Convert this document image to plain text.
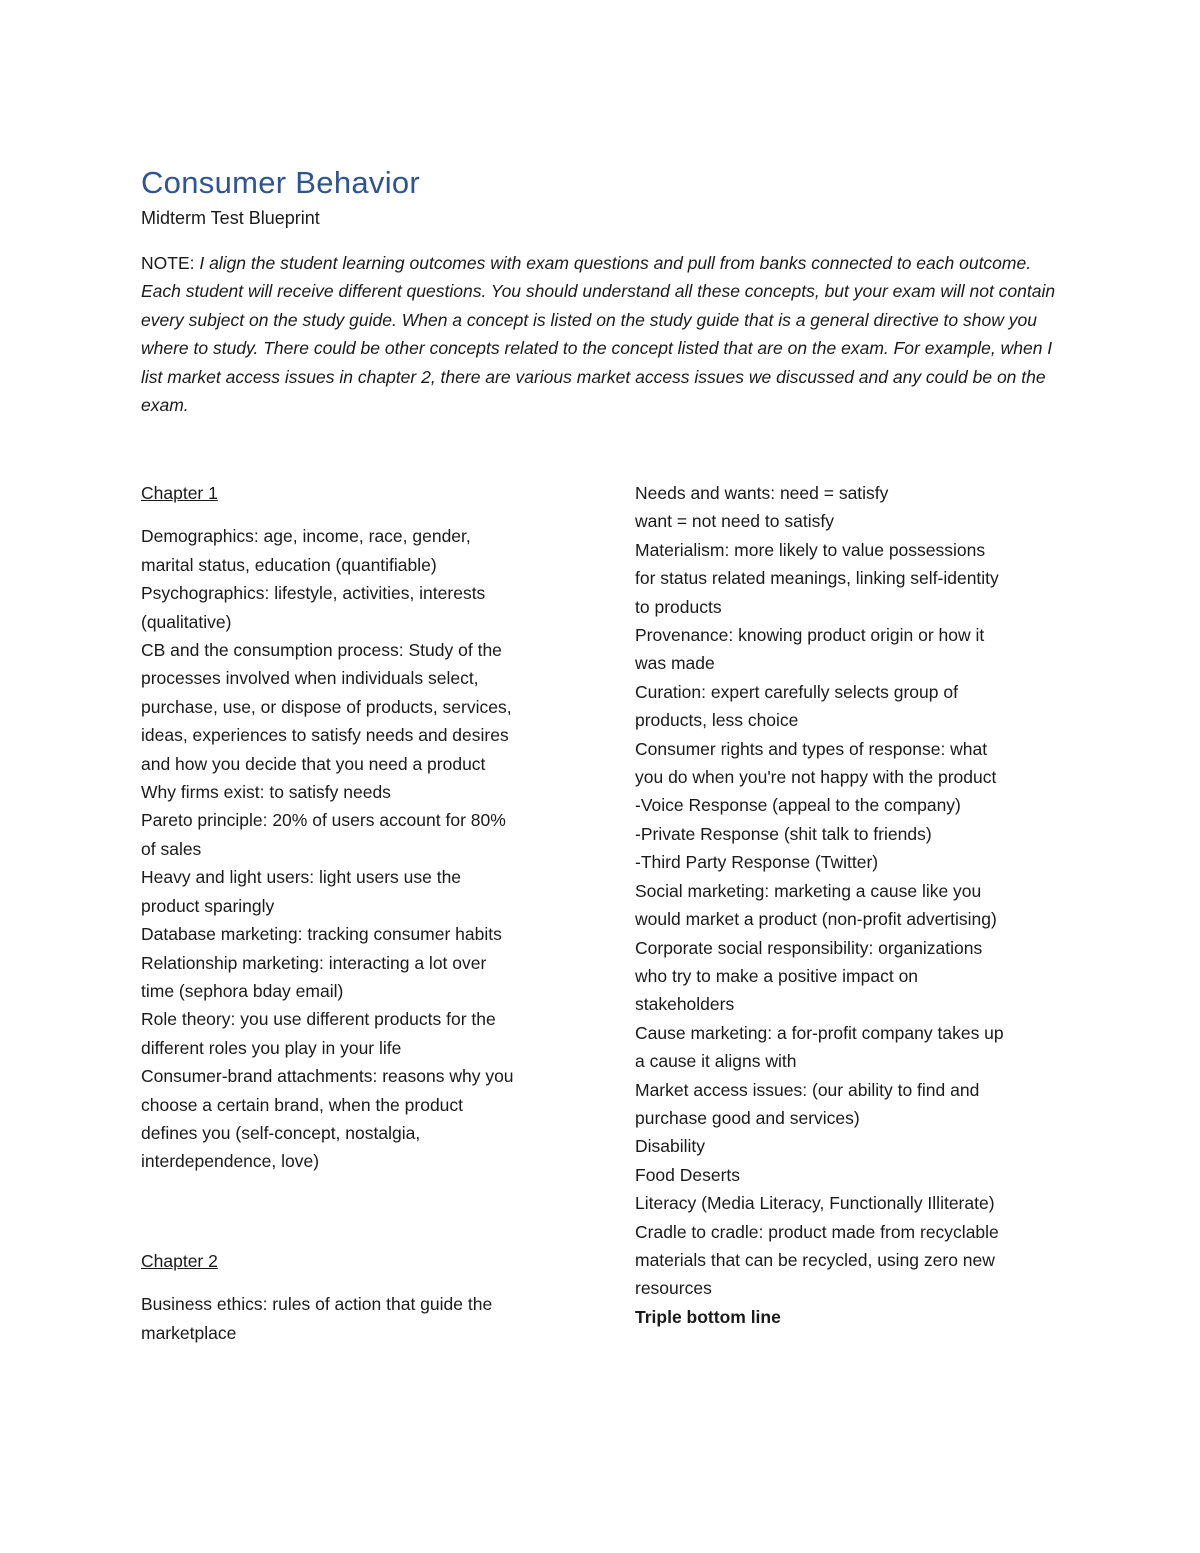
Consumer Behavior
Midterm Test Blueprint
NOTE: I align the student learning outcomes with exam questions and pull from banks connected to each outcome. Each student will receive different questions. You should understand all these concepts, but your exam will not contain every subject on the study guide. When a concept is listed on the study guide that is a general directive to show you where to study. There could be other concepts related to the concept listed that are on the exam. For example, when I list market access issues in chapter 2, there are various market access issues we discussed and any could be on the exam.
Chapter 1
Demographics: age, income, race, gender,
marital status, education (quantifiable)
Psychographics: lifestyle, activities, interests
(qualitative)
CB and the consumption process: Study of the
processes involved when individuals select,
purchase, use, or dispose of products, services,
ideas, experiences to satisfy needs and desires
and how you decide that you need a product
Why firms exist: to satisfy needs
Pareto principle: 20% of users account for 80%
of sales
Heavy and light users: light users use the
product sparingly
Database marketing: tracking consumer habits
Relationship marketing: interacting a lot over
time (sephora bday email)
Role theory: you use different products for the
different roles you play in your life
Consumer-brand attachments: reasons why you
choose a certain brand, when the product
defines you (self-concept, nostalgia,
interdependence, love)
Chapter 2
Business ethics: rules of action that guide the
marketplace
Needs and wants: need = satisfy
want = not need to satisfy
Materialism: more likely to value possessions
for status related meanings, linking self-identity
to products
Provenance: knowing product origin or how it
was made
Curation: expert carefully selects group of
products, less choice
Consumer rights and types of response: what
you do when you're not happy with the product
-Voice Response (appeal to the company)
-Private Response (shit talk to friends)
-Third Party Response (Twitter)
Social marketing: marketing a cause like you
would market a product (non-profit advertising)
Corporate social responsibility: organizations
who try to make a positive impact on
stakeholders
Cause marketing: a for-profit company takes up
a cause it aligns with
Market access issues: (our ability to find and
purchase good and services)
Disability
Food Deserts
Literacy (Media Literacy, Functionally Illiterate)
Cradle to cradle: product made from recyclable
materials that can be recycled, using zero new
resources
Triple bottom line
